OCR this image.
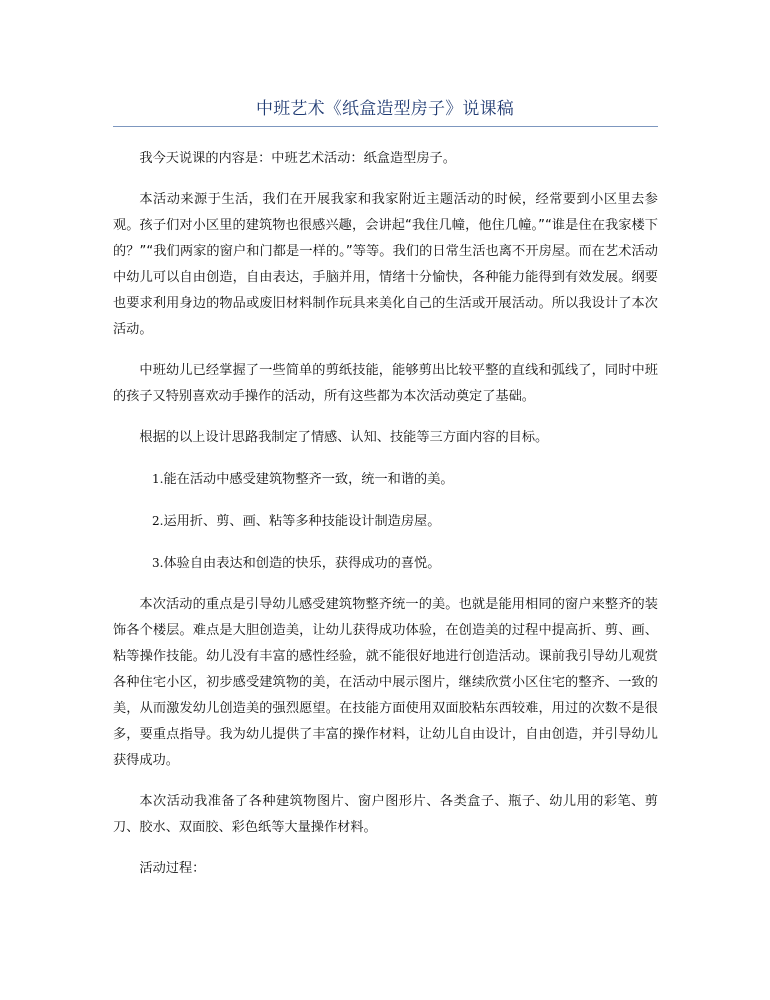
中班艺术《纸盒造型房子》说课稿

我今天说课的内容是：中班艺术活动：纸盒造型房子。

本活动来源于生活，我们在开展我家和我家附近主题活动的时候，经常要到小区里去参观。孩子们对小区里的建筑物也很感兴趣，会讲起“我住几幢，他住几幢。”“谁是住在我家楼下的？”“我们两家的窗户和门都是一样的。”等等。我们的日常生活也离不开房屋。而在艺术活动中幼儿可以自由创造，自由表达，手脑并用，情绪十分愉快，各种能力能得到有效发展。纲要也要求利用身边的物品或废旧材料制作玩具来美化自己的生活或开展活动。所以我设计了本次活动。

中班幼儿已经掌握了一些简单的剪纸技能，能够剪出比较平整的直线和弧线了，同时中班的孩子又特别喜欢动手操作的活动，所有这些都为本次活动奠定了基础。

根据的以上设计思路我制定了情感、认知、技能等三方面内容的目标。

1.能在活动中感受建筑物整齐一致，统一和谐的美。

2.运用折、剪、画、粘等多种技能设计制造房屋。

3.体验自由表达和创造的快乐，获得成功的喜悦。

本次活动的重点是引导幼儿感受建筑物整齐统一的美。也就是能用相同的窗户来整齐的装饰各个楼层。难点是大胆创造美，让幼儿获得成功体验，在创造美的过程中提高折、剪、画、粘等操作技能。幼儿没有丰富的感性经验，就不能很好地进行创造活动。课前我引导幼儿观赏各种住宅小区，初步感受建筑物的美，在活动中展示图片，继续欣赏小区住宅的整齐、一致的美，从而激发幼儿创造美的强烈愿望。在技能方面使用双面胶粘东西较难，用过的次数不是很多，要重点指导。我为幼儿提供了丰富的操作材料，让幼儿自由设计，自由创造，并引导幼儿获得成功。

本次活动我准备了各种建筑物图片、窗户图形片、各类盒子、瓶子、幼儿用的彩笔、剪刀、胶水、双面胶、彩色纸等大量操作材料。

活动过程：
